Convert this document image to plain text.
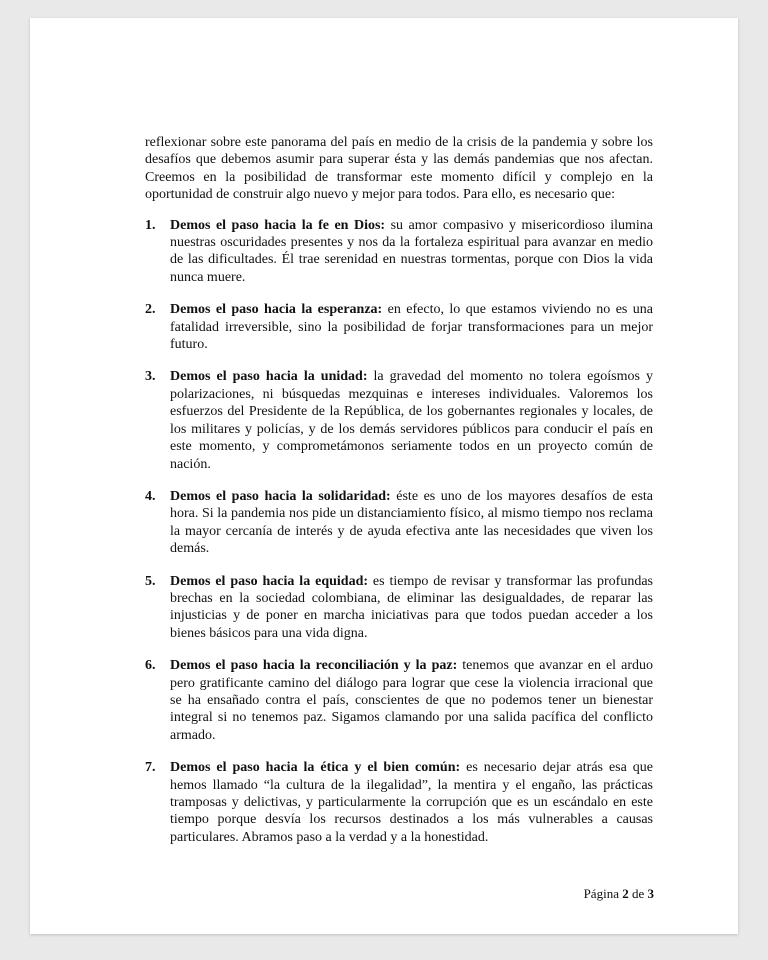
reflexionar sobre este panorama del país en medio de la crisis de la pandemia y sobre los desafíos que debemos asumir para superar ésta y las demás pandemias que nos afectan. Creemos en la posibilidad de transformar este momento difícil y complejo en la oportunidad de construir algo nuevo y mejor para todos. Para ello, es necesario que:

1. Demos el paso hacia la fe en Dios: su amor compasivo y misericordioso ilumina nuestras oscuridades presentes y nos da la fortaleza espiritual para avanzar en medio de las dificultades. Él trae serenidad en nuestras tormentas, porque con Dios la vida nunca muere.
2. Demos el paso hacia la esperanza: en efecto, lo que estamos viviendo no es una fatalidad irreversible, sino la posibilidad de forjar transformaciones para un mejor futuro.
3. Demos el paso hacia la unidad: la gravedad del momento no tolera egoísmos y polarizaciones, ni búsquedas mezquinas e intereses individuales. Valoremos los esfuerzos del Presidente de la República, de los gobernantes regionales y locales, de los militares y policías, y de los demás servidores públicos para conducir el país en este momento, y comprometámonos seriamente todos en un proyecto común de nación.
4. Demos el paso hacia la solidaridad: éste es uno de los mayores desafíos de esta hora. Si la pandemia nos pide un distanciamiento físico, al mismo tiempo nos reclama la mayor cercanía de interés y de ayuda efectiva ante las necesidades que viven los demás.
5. Demos el paso hacia la equidad: es tiempo de revisar y transformar las profundas brechas en la sociedad colombiana, de eliminar las desigualdades, de reparar las injusticias y de poner en marcha iniciativas para que todos puedan acceder a los bienes básicos para una vida digna.
6. Demos el paso hacia la reconciliación y la paz: tenemos que avanzar en el arduo pero gratificante camino del diálogo para lograr que cese la violencia irracional que se ha ensañado contra el país, conscientes de que no podemos tener un bienestar integral si no tenemos paz. Sigamos clamando por una salida pacífica del conflicto armado.
7. Demos el paso hacia la ética y el bien común: es necesario dejar atrás esa que hemos llamado “la cultura de la ilegalidad”, la mentira y el engaño, las prácticas tramposas y delictivas, y particularmente la corrupción que es un escándalo en este tiempo porque desvía los recursos destinados a los más vulnerables a causas particulares. Abramos paso a la verdad y a la honestidad.
Página 2 de 3
